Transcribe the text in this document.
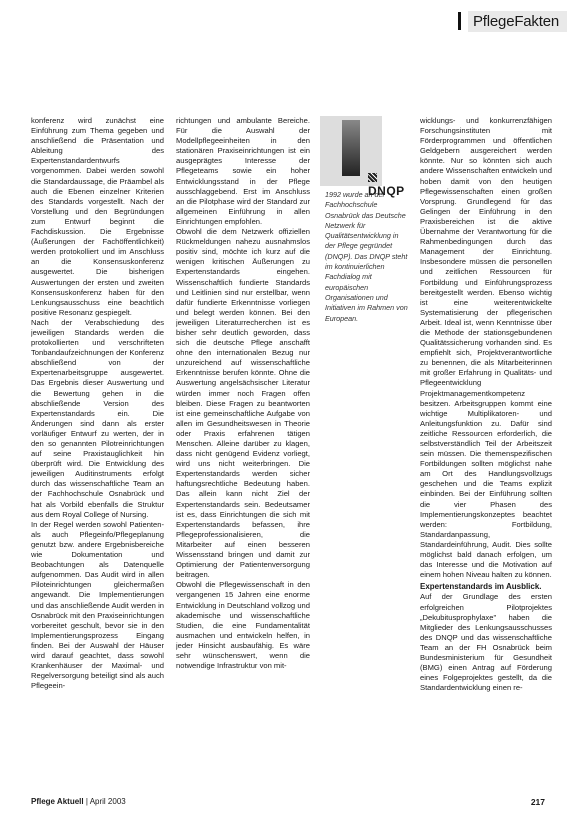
PflegeFakten

konferenz wird zunächst eine Einführung zum Thema gegeben und anschließend die Präsentation und Ableitung des Expertenstandardentwurfs vorgenommen. Dabei werden sowohl die Standardaussage, die Präambel als auch die Ebenen einzelner Kriterien des Standards vorgestellt. Nach der Vorstellung und den Begründungen zum Entwurf beginnt die Fachdiskussion. Die Ergebnisse (Äußerungen der Fachöffentlichkeit) werden protokolliert und im Anschluss an die Konsensuskonferenz ausgewertet. Die bisherigen Auswertungen der ersten und zweiten Konsensuskonferenz haben für den Lenkungsausschuss eine beachtlich positive Resonanz gespiegelt.

Nach der Verabschiedung des jeweiligen Standards werden die protokollierten und verschrifteten Tonbandaufzeichnungen der Konferenz abschließend von der Expertenarbeitsgruppe ausgewertet. Das Ergebnis dieser Auswertung und die Bewertung gehen in die abschließende Version des Expertenstandards ein. Die Änderungen sind dann als erster vorläufiger Entwurf zu werten, der in den so genannten Pilotreinrichtungen auf seine Praxistauglichkeit hin überprüft wird. Die Entwicklung des jeweiligen Auditinstruments erfolgt durch das wissenschaftliche Team an der Fachhochschule Osnabrück und hat als Vorbild ebenfalls die Struktur aus dem Royal College of Nursing.

In der Regel werden sowohl Patienten- als auch Pflegeinfo/Pflegeplanung genutzt bzw. andere Ergebnisbereiche wie Dokumentation und Beobachtungen als Datenquelle aufgenommen. Das Audit wird in allen Piloteinrichtungen gleichermaßen angewandt. Die Implementierungen und das anschließende Audit werden in Osnabrück mit den Praxiseinrichtungen vorbereitet geschult, bevor sie in den Implementierungsprozess Eingang finden. Bei der Auswahl der Häuser wird darauf geachtet, dass sowohl Krankenhäuser der Maximal- und Regelversorgung beteiligt sind als auch Pflegeein-

richtungen und ambulante Bereiche. Für die Auswahl der Modellpflegeeinheiten in den stationären Praxiseinrichtungen ist ein ausgeprägtes Interesse der Pflegeteams sowie ein hoher Entwicklungsstand in der Pflege ausschlaggebend. Erst im Anschluss an die Pilotphase wird der Standard zur allgemeinen Einführung in allen Einrichtungen empfohlen.

Obwohl die dem Netzwerk offiziellen Rückmeldungen nahezu ausnahmslos positiv sind, möchte ich kurz auf die wenigen kritischen Äußerungen zu Expertenstandards eingehen. Wissenschaftlich fundierte Standards und Leitlinien sind nur erstellbar, wenn dafür fundierte Erkenntnisse vorliegen und belegt werden können. Bei den jeweiligen Literaturrecherchen ist es bisher sehr deutlich geworden, dass sich die deutsche Pflege anschafft ohne den internationalen Bezug nur unzureichend auf wissenschaftliche Erkenntnisse berufen könnte. Ohne die Auswertung angelsächsischer Literatur würden immer noch Fragen offen bleiben. Diese Fragen zu beantworten ist eine gemeinschaftliche Aufgabe von allen im Gesundheitswesen in Theorie oder Praxis erfahrenen tätigen Menschen. Alleine darüber zu klagen, dass nicht genügend Evidenz vorliegt, wird uns nicht weiterbringen. Die Expertenstandards werden sicher haftungsrechtliche Bedeutung haben. Das allein kann nicht Ziel der Expertenstandards sein. Bedeutsamer ist es, dass Einrichtungen die sich mit Expertenstandards befassen, ihre Pflegeprofessionalisieren, die Mitarbeiter auf einen besseren Wissensstand bringen und damit zur Optimierung der Patientenversorgung beitragen.

Obwohl die Pflegewissenschaft in den vergangenen 15 Jahren eine enorme Entwicklung in Deutschland vollzog und akademische und wissenschaftliche Studien, die eine Fundamentalität ausmachen und entwickeln helfen, in jeder Hinsicht ausbaufähig. Es wäre sehr wünschenswert, wenn die notwendige Infrastruktur von mit-

DNQP
1992 wurde an der Fachhochschule Osnabrück das Deutsche Netzwerk für Qualitätsentwicklung in der Pflege gegründet (DNQP). Das DNQP steht im kontinuierlichen Fachdialog mit europäischen Organisationen und Initiativen im Rahmen von European.

wicklungs- und konkurrenzfähigen Forschungsinstituten mit Förderprogrammen und öffentlichen Geldgebern ausgereichert werden könnte. Nur so könnten sich auch andere Wissenschaften entwickeln und hoben damit von den heutigen Pflegewissenschaften einen großen Vorsprung. Grundlegend für das Gelingen der Einführung in den Praxisbereichen ist die aktive Übernahme der Verantwortung für die Rahmenbedingungen durch das Management der Einrichtung. Insbesondere müssen die personellen und zeitlichen Ressourcen für Fortbildung und Einführungsprozess bereitgestellt werden. Ebenso wichtig ist eine weiterentwickelte Systematisierung der pflegerischen Arbeit. Ideal ist, wenn Kenntnisse über die Methode der stationsgebundenen Qualitätssicherung vorhanden sind. Es empfiehlt sich, Projektverantwortliche zu benennen, die als Mitarbeiterinnen mit großer Erfahrung in Qualitäts- und Pflegeentwicklung Projektmanagementkompetenz besitzen. Arbeitsgruppen kommt eine wichtige Multiplikatoren- und Anleitungsfunktion zu. Dafür sind zeitliche Ressourcen erforderlich, die selbstverständlich Teil der Arbeitszeit sein müssen. Die themenspezifischen Fortbildungen sollten möglichst nahe am Ort des Handlungsvollzugs geschehen und die Teams explizit einbinden. Bei der Einführung sollten die vier Phasen des Implementierungskonzeptes beachtet werden: Fortbildung, Standardanpassung, Standardeinführung, Audit. Dies sollte möglichst bald danach erfolgen, um das Interesse und die Motivation auf einem hohen Niveau halten zu können.

Expertenstandards im Ausblick.

Auf der Grundlage des ersten erfolgreichen Pilotprojektes „Dekubitusprophylaxe" haben die Mitglieder des Lenkungsausschusses des DNQP und das wissenschaftliche Team an der FH Osnabrück beim Bundesministerium für Gesundheit (BMG) einen Antrag auf Förderung eines Folgeprojektes gestellt, da die Standardentwicklung einen re-

Pflege Aktuell | April 2003	217
